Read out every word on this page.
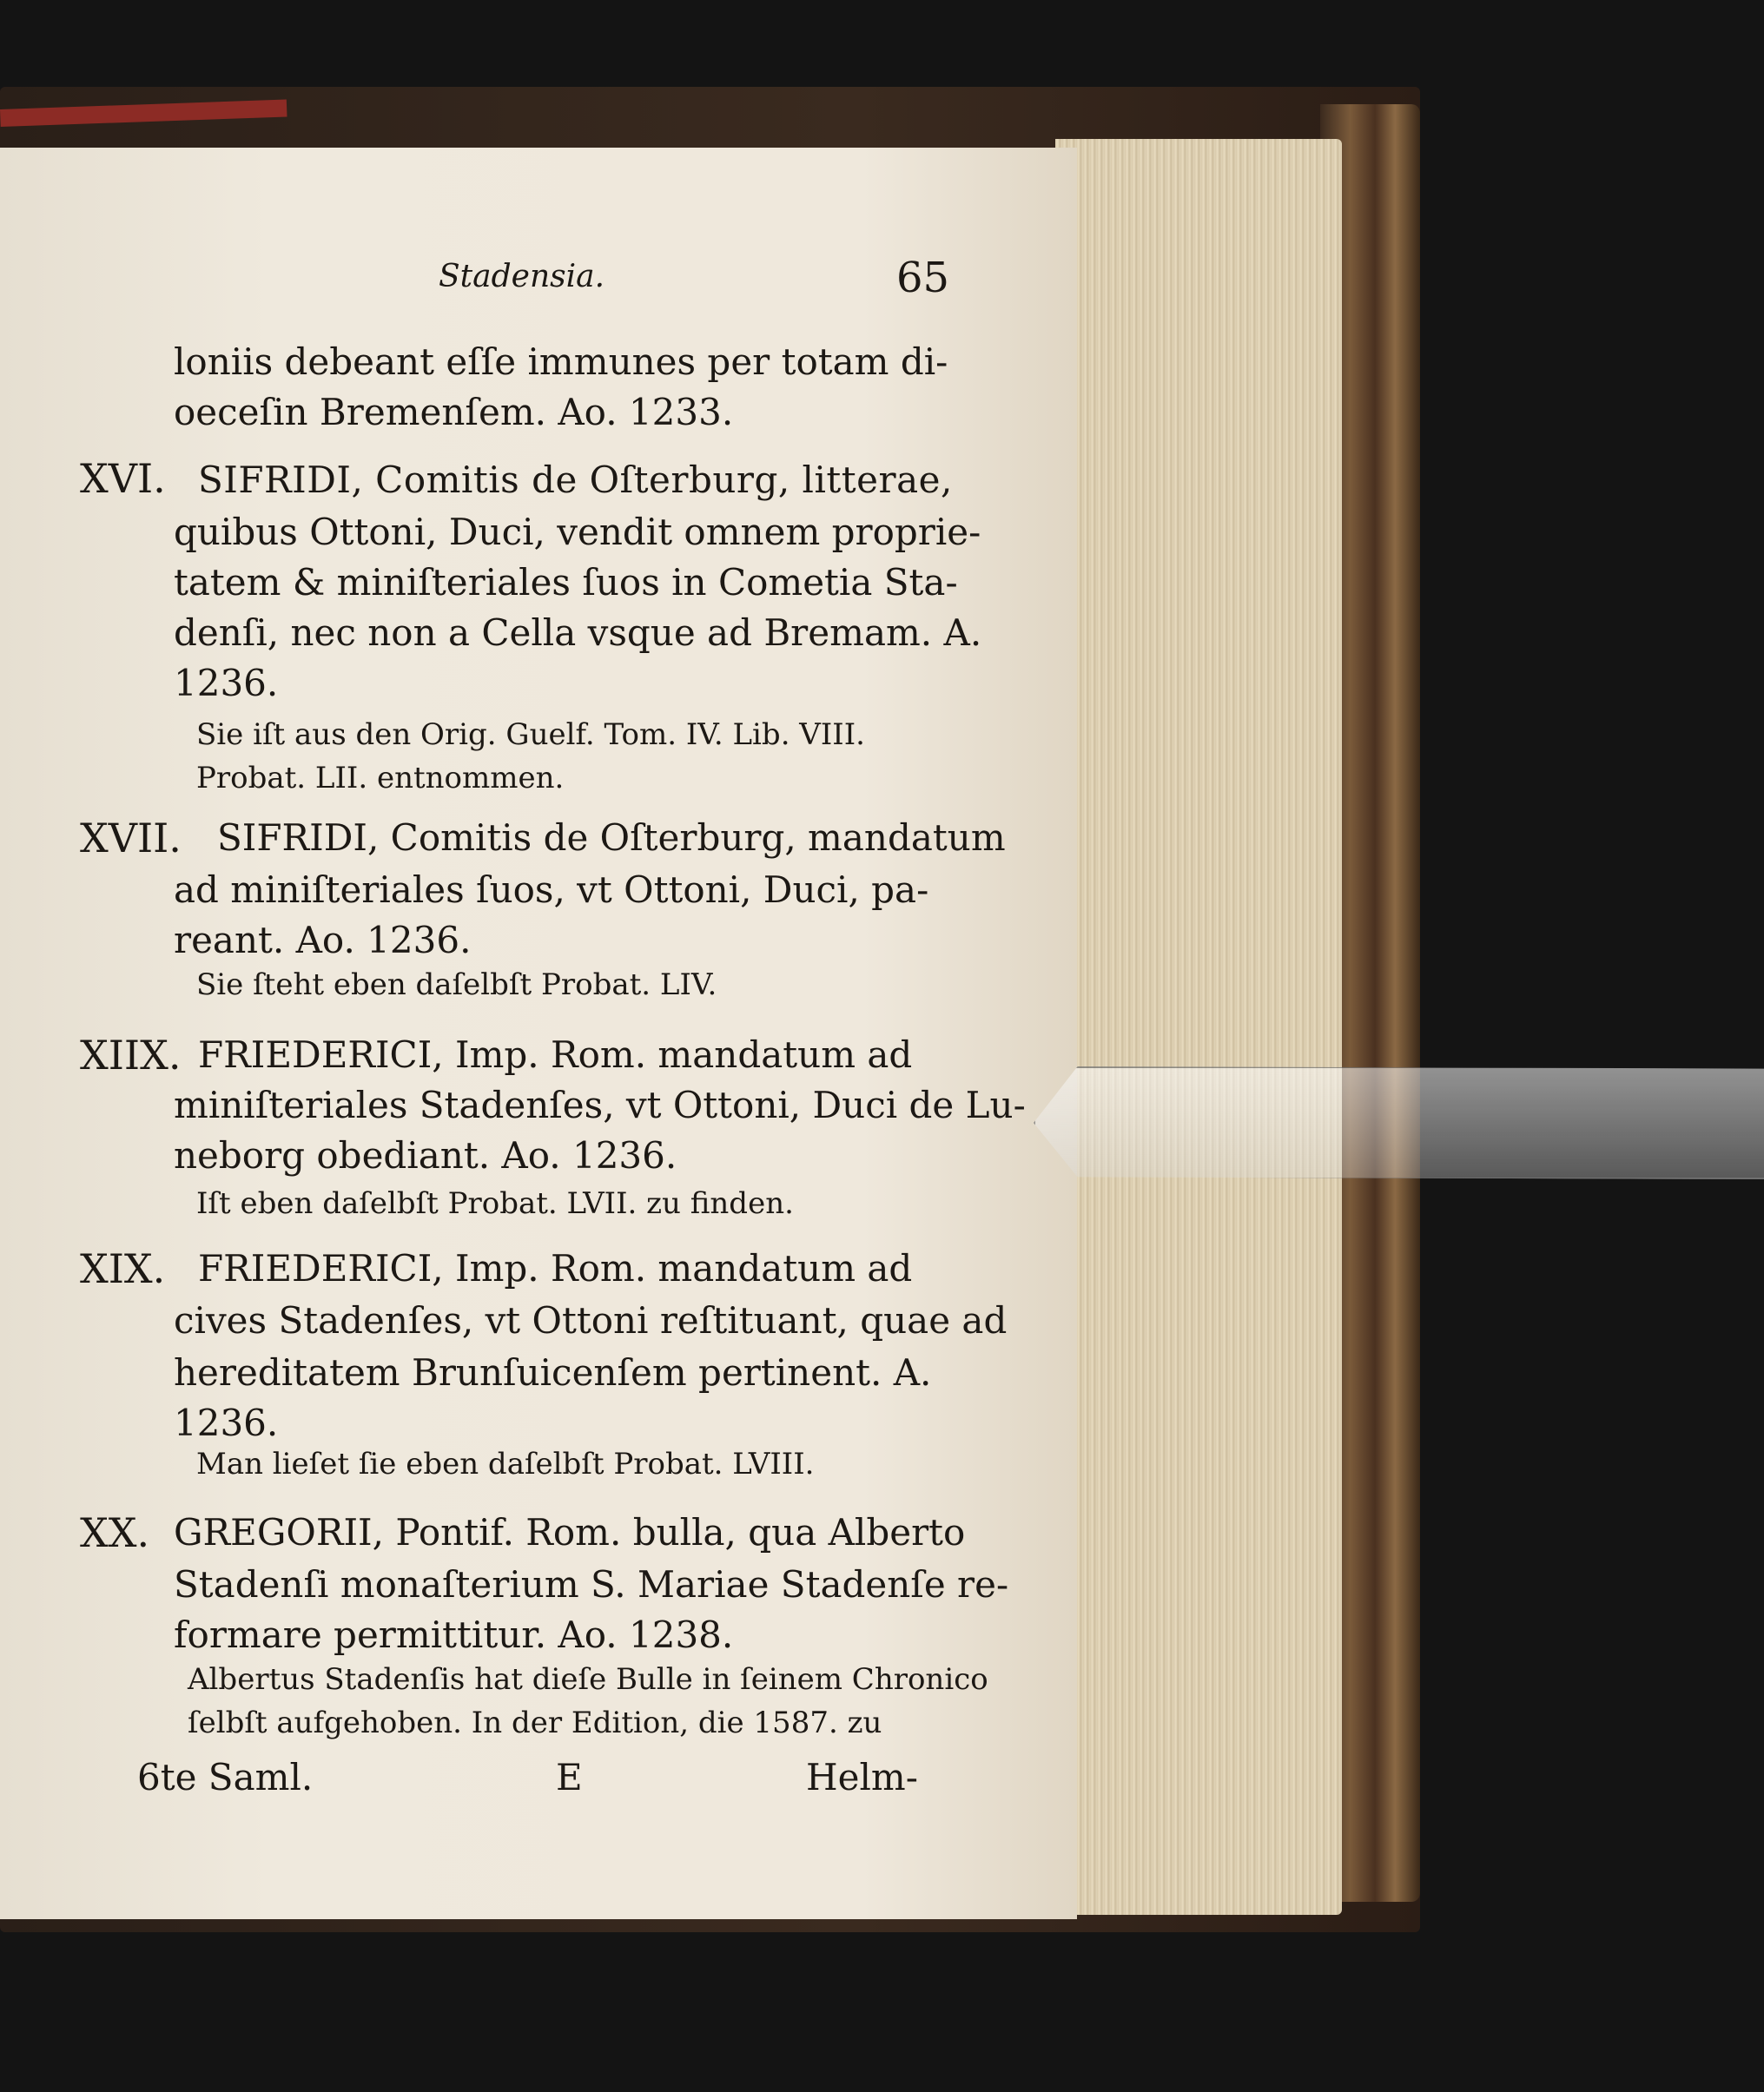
Stadensia.	65
loniis debeant eſſe immunes per totam di-
oeceſin Bremenſem. Ao. 1233.
XVI. SIFRIDI, Comitis de Oſterburg, litterae,
quibus Ottoni, Duci, vendit omnem proprie-
tatem & miniſteriales ſuos in Cometia Sta-
denſi, nec non a Cella vsque ad Bremam. A.
1236.
Sie iſt aus den Orig. Guelf. Tom. IV. Lib. VIII.
Probat. LII. entnommen.
XVII. SIFRIDI, Comitis de Oſterburg, mandatum
ad miniſteriales ſuos, vt Ottoni, Duci, pa-
reant. Ao. 1236.
Sie ſteht eben daſelbſt Probat. LIV.
XIIX. FRIEDERICI, Imp. Rom. mandatum ad
miniſteriales Stadenſes, vt Ottoni, Duci de Lu-
neborg obediant. Ao. 1236.
Iſt eben daſelbſt Probat. LVII. zu finden.
XIX. FRIEDERICI, Imp. Rom. mandatum ad
cives Stadenſes, vt Ottoni reſtituant, quae ad
hereditatem Brunſuicenſem pertinent. A.
1236.
Man lieſet ſie eben daſelbſt Probat. LVIII.
XX. GREGORII, Pontif. Rom. bulla, qua Alberto
Stadenſi monaſterium S. Mariae Stadenſe re-
formare permittitur. Ao. 1238.
Albertus Stadenſis hat dieſe Bulle in ſeinem Chronico
ſelbſt aufgehoben. In der Edition, die 1587. zu
6te Saml.	E	Helm-
